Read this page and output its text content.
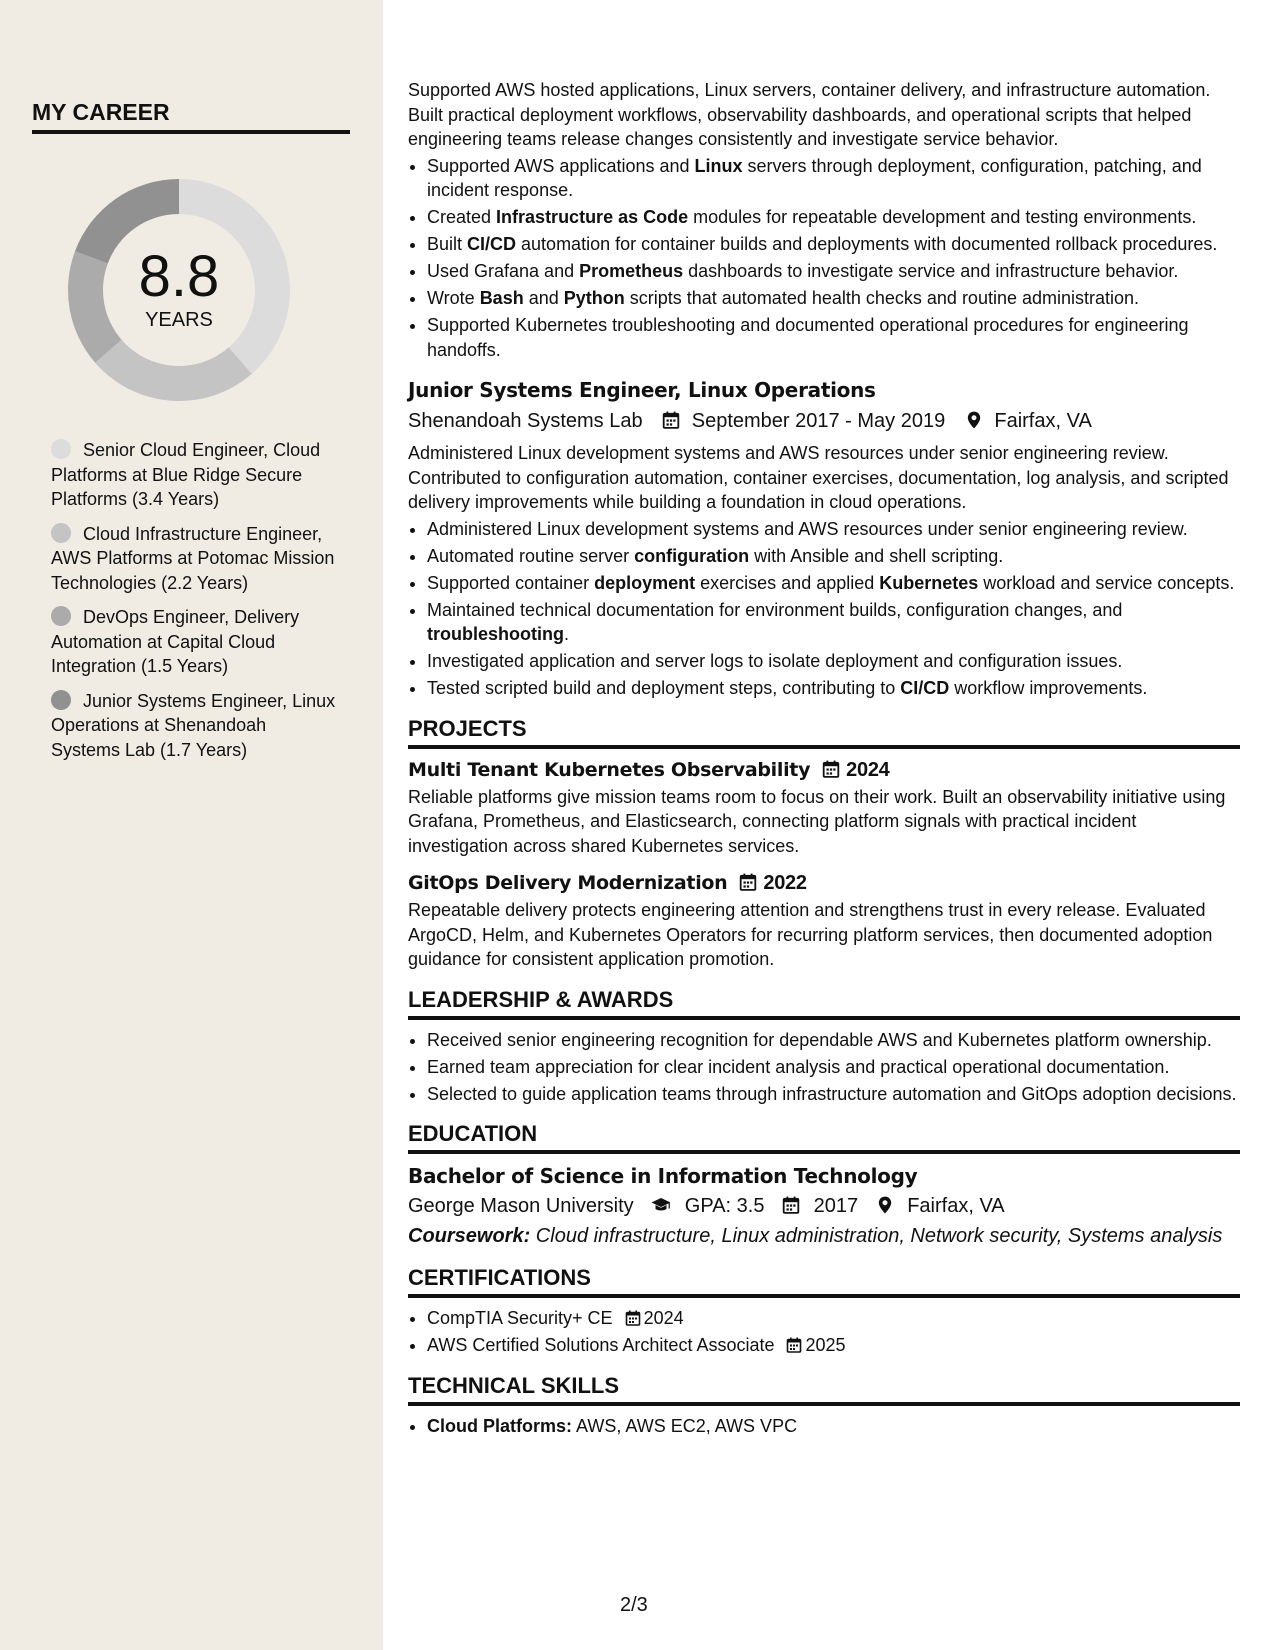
MY CAREER
8.8
YEARS
Senior Cloud Engineer, Cloud Platforms at Blue Ridge Secure Platforms (3.4 Years)
Cloud Infrastructure Engineer, AWS Platforms at Potomac Mission Technologies (2.2 Years)
DevOps Engineer, Delivery Automation at Capital Cloud Integration (1.5 Years)
Junior Systems Engineer, Linux Operations at Shenandoah Systems Lab (1.7 Years)

Supported AWS hosted applications, Linux servers, container delivery, and infrastructure automation. Built practical deployment workflows, observability dashboards, and operational scripts that helped engineering teams release changes consistently and investigate service behavior.

• Supported AWS applications and Linux servers through deployment, configuration, patching, and incident response.
• Created Infrastructure as Code modules for repeatable development and testing environments.
• Built CI/CD automation for container builds and deployments with documented rollback procedures.
• Used Grafana and Prometheus dashboards to investigate service and infrastructure behavior.
• Wrote Bash and Python scripts that automated health checks and routine administration.
• Supported Kubernetes troubleshooting and documented operational procedures for engineering handoffs.
Junior Systems Engineer, Linux Operations
Shenandoah Systems Lab September 2017 - May 2019 Fairfax, VA

Administered Linux development systems and AWS resources under senior engineering review. Contributed to configuration automation, container exercises, documentation, log analysis, and scripted delivery improvements while building a foundation in cloud operations.

• Administered Linux development systems and AWS resources under senior engineering review.
• Automated routine server configuration with Ansible and shell scripting.
• Supported container deployment exercises and applied Kubernetes workload and service concepts.
• Maintained technical documentation for environment builds, configuration changes, and troubleshooting.
• Investigated application and server logs to isolate deployment and configuration issues.
• Tested scripted build and deployment steps, contributing to CI/CD workflow improvements.
PROJECTS
Multi Tenant Kubernetes Observability 2024

Reliable platforms give mission teams room to focus on their work. Built an observability initiative using Grafana, Prometheus, and Elasticsearch, connecting platform signals with practical incident investigation across shared Kubernetes services.

GitOps Delivery Modernization 2022

Repeatable delivery protects engineering attention and strengthens trust in every release. Evaluated ArgoCD, Helm, and Kubernetes Operators for recurring platform services, then documented adoption guidance for consistent application promotion.

LEADERSHIP & AWARDS
• Received senior engineering recognition for dependable AWS and Kubernetes platform ownership.
• Earned team appreciation for clear incident analysis and practical operational documentation.
• Selected to guide application teams through infrastructure automation and GitOps adoption decisions.
EDUCATION
Bachelor of Science in Information Technology
George Mason University	GPA: 3.5 2017 Fairfax, VA
Coursework: Cloud infrastructure, Linux administration, Network security, Systems analysis
CERTIFICATIONS
• CompTIA Security+ CE 2024
• AWS Certified Solutions Architect Associate 2025
TECHNICAL SKILLS
• Cloud Platforms: AWS, AWS EC2, AWS VPC
2/3
